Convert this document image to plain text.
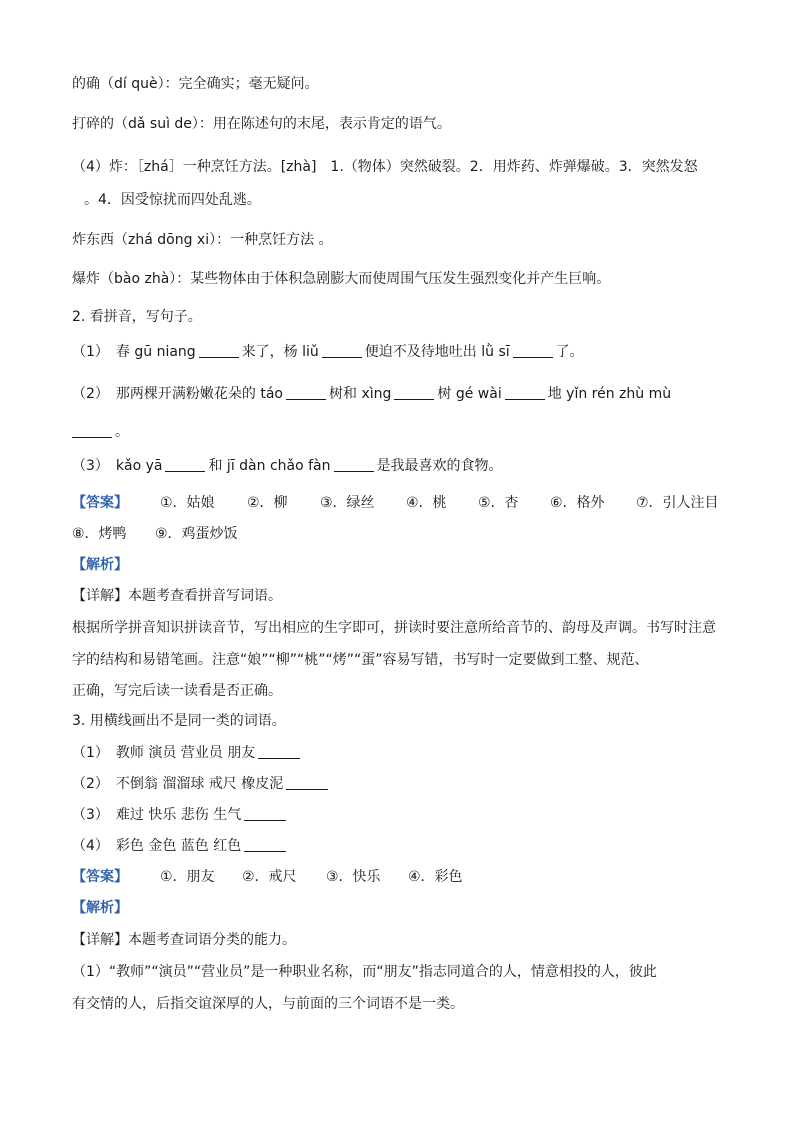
的确（dí què）：完全确实；毫无疑问。
打碎的（dǎ suì de）：用在陈述句的末尾，表示肯定的语气。
（4）炸：［zhá］一种烹饪方法。[zhà]　1.（物体）突然破裂。2．用炸药、炸弹爆破。3．突然发怒
。4．因受惊扰而四处乱逃。
炸东西（zhá dōng xi）：一种烹饪方法 。
爆炸（bào zhà）：某些物体由于体积急剧膨大而使周围气压发生强烈变化并产生巨响。
2. 看拼音，写句子。
（1）　春 gū niang	来了，杨 liǔ	便迫不及待地吐出 lǜ sī	了。
（2）　那两棵开满粉嫩花朵的 táo	树和 xìng	树 gé wài	地 yǐn rén zhù mù
。
（3）　kǎo yā	和 jī dàn chǎo fàn	是我最喜欢的食物。
【答案】 ①．姑娘 ②．柳 ③．绿丝 ④．桃 ⑤．杏 ⑥．格外 ⑦．引人注目
⑧．烤鸭 ⑨．鸡蛋炒饭
【解析】
【详解】本题考查看拼音写词语。
根据所学拼音知识拼读音节，写出相应的生字即可，拼读时要注意所给音节的、韵母及声调。书写时注意
字的结构和易错笔画。注意“娘”“柳”“桃”“烤”“蛋”容易写错，书写时一定要做到工整、规范、
正确，写完后读一读看是否正确。
3. 用横线画出不是同一类的词语。
（1）　教师 演员 营业员 朋友
（2）　不倒翁 溜溜球 戒尺 橡皮泥
（3）　难过 快乐 悲伤 生气
（4）　彩色 金色 蓝色 红色
【答案】 ①．朋友 ②．戒尺 ③．快乐 ④．彩色
【解析】
【详解】本题考查词语分类的能力。
（1）“教师”“演员”“营业员”是一种职业名称，而“朋友”指志同道合的人，情意相投的人，彼此
有交情的人，后指交谊深厚的人，与前面的三个词语不是一类。
